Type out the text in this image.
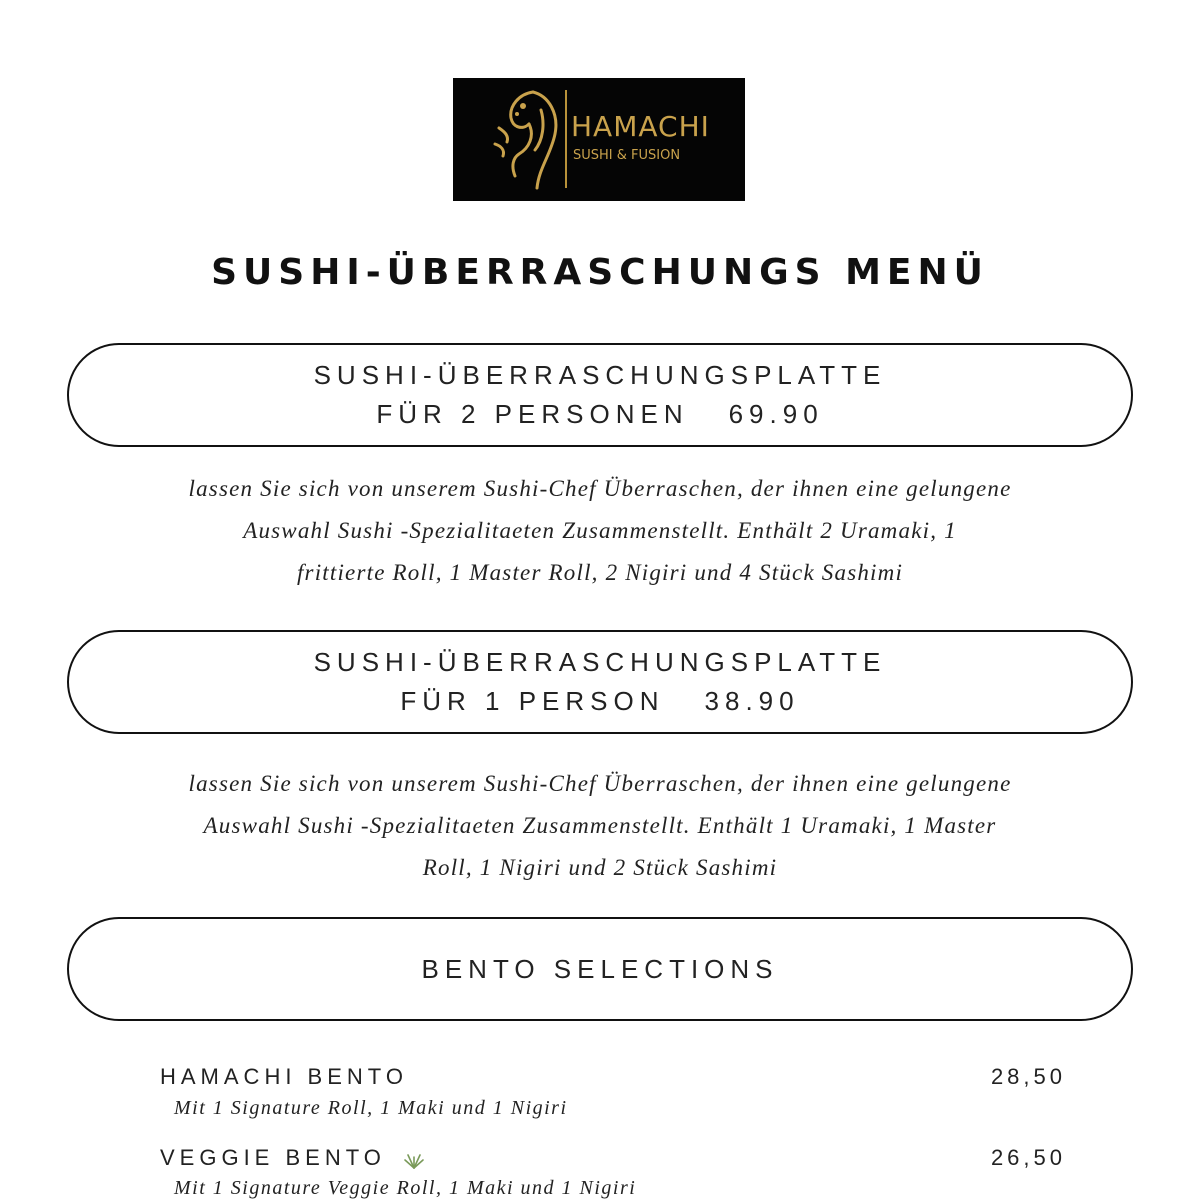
HAMACHI
SUSHI & FUSION
SUSHI-ÜBERRASCHUNGS MENÜ
SUSHI-ÜBERRASCHUNGSPLATTE
FÜR 2 PERSONEN 69.90
lassen Sie sich von unserem Sushi-Chef Überraschen, der ihnen eine gelungene
Auswahl Sushi -Spezialitaeten Zusammenstellt. Enthält 2 Uramaki, 1
frittierte Roll, 1 Master Roll, 2 Nigiri und 4 Stück Sashimi
SUSHI-ÜBERRASCHUNGSPLATTE
FÜR 1 PERSON 38.90
lassen Sie sich von unserem Sushi-Chef Überraschen, der ihnen eine gelungene
Auswahl Sushi -Spezialitaeten Zusammenstellt. Enthält 1 Uramaki, 1 Master
Roll, 1 Nigiri und 2 Stück Sashimi
BENTO SELECTIONS
HAMACHI BENTO	28,50
Mit 1 Signature Roll, 1 Maki und 1 Nigiri
VEGGIE BENTO	26,50
Mit 1 Signature Veggie Roll, 1 Maki und 1 Nigiri
